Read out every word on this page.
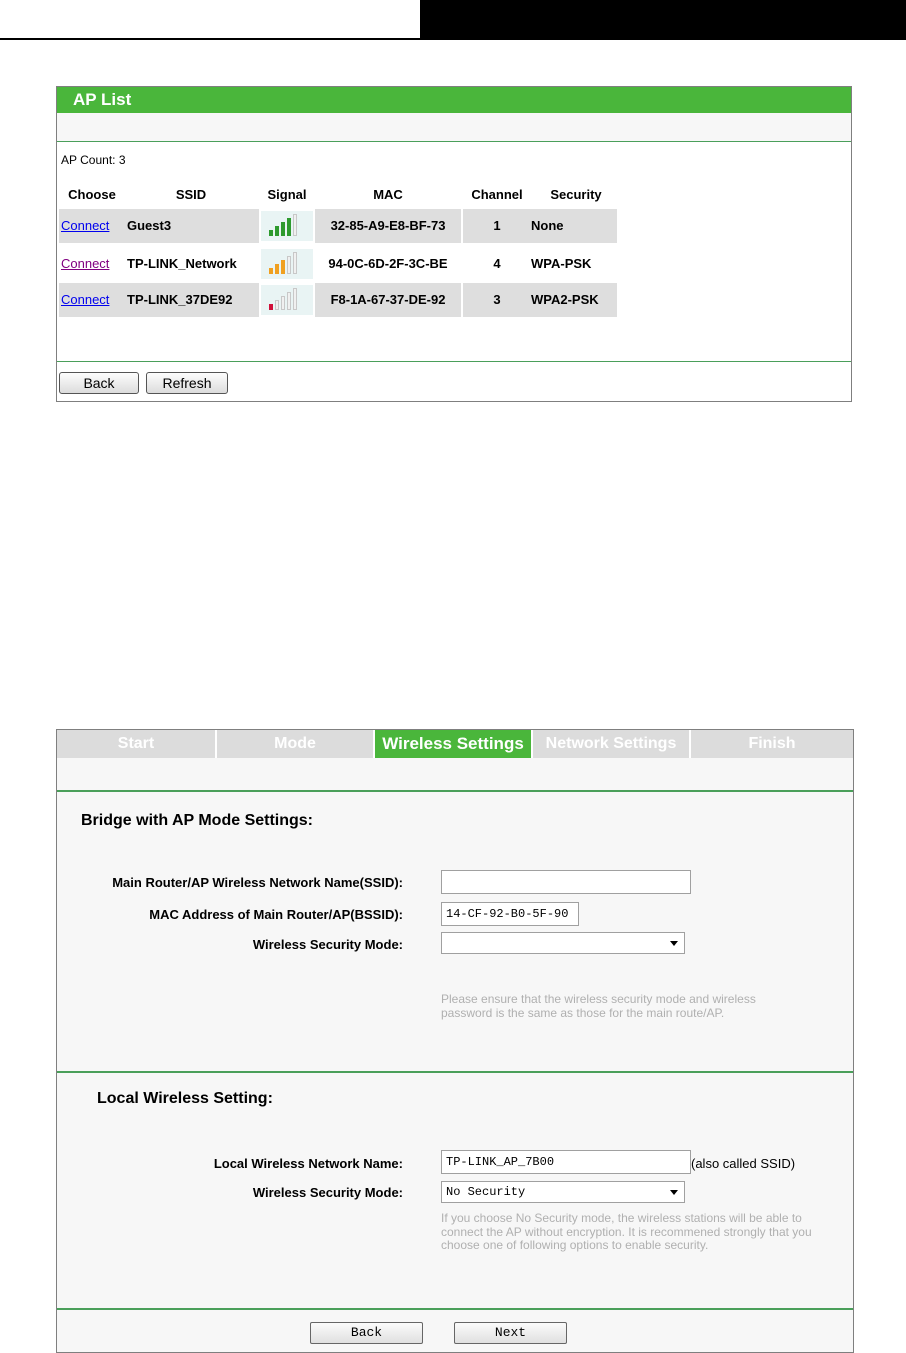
AP List
AP Count: 3
Choose	SSID	Signal	MAC	Channel	Security
Connect	Guest3	32-85-A9-E8-BF-73	1	None
Connect	TP-LINK_Network	94-0C-6D-2F-3C-BE	4	WPA-PSK
Connect	TP-LINK_37DE92	F8-1A-67-37-DE-92	3	WPA2-PSK
Back	Refresh
Start	Mode	Wireless Settings	Network Settings	Finish
Bridge with AP Mode Settings:
Main Router/AP Wireless Network Name(SSID):
MAC Address of Main Router/AP(BSSID):	14-CF-92-B0-5F-90
Wireless Security Mode:
Please ensure that the wireless security mode and wireless password is the same as those for the main route/AP.
Local Wireless Setting:
Local Wireless Network Name:	TP-LINK_AP_7B00	(also called SSID)
Wireless Security Mode:	No Security
If you choose No Security mode, the wireless stations will be able to connect the AP without encryption. It is recommened strongly that you choose one of following options to enable security.
Back	Next
